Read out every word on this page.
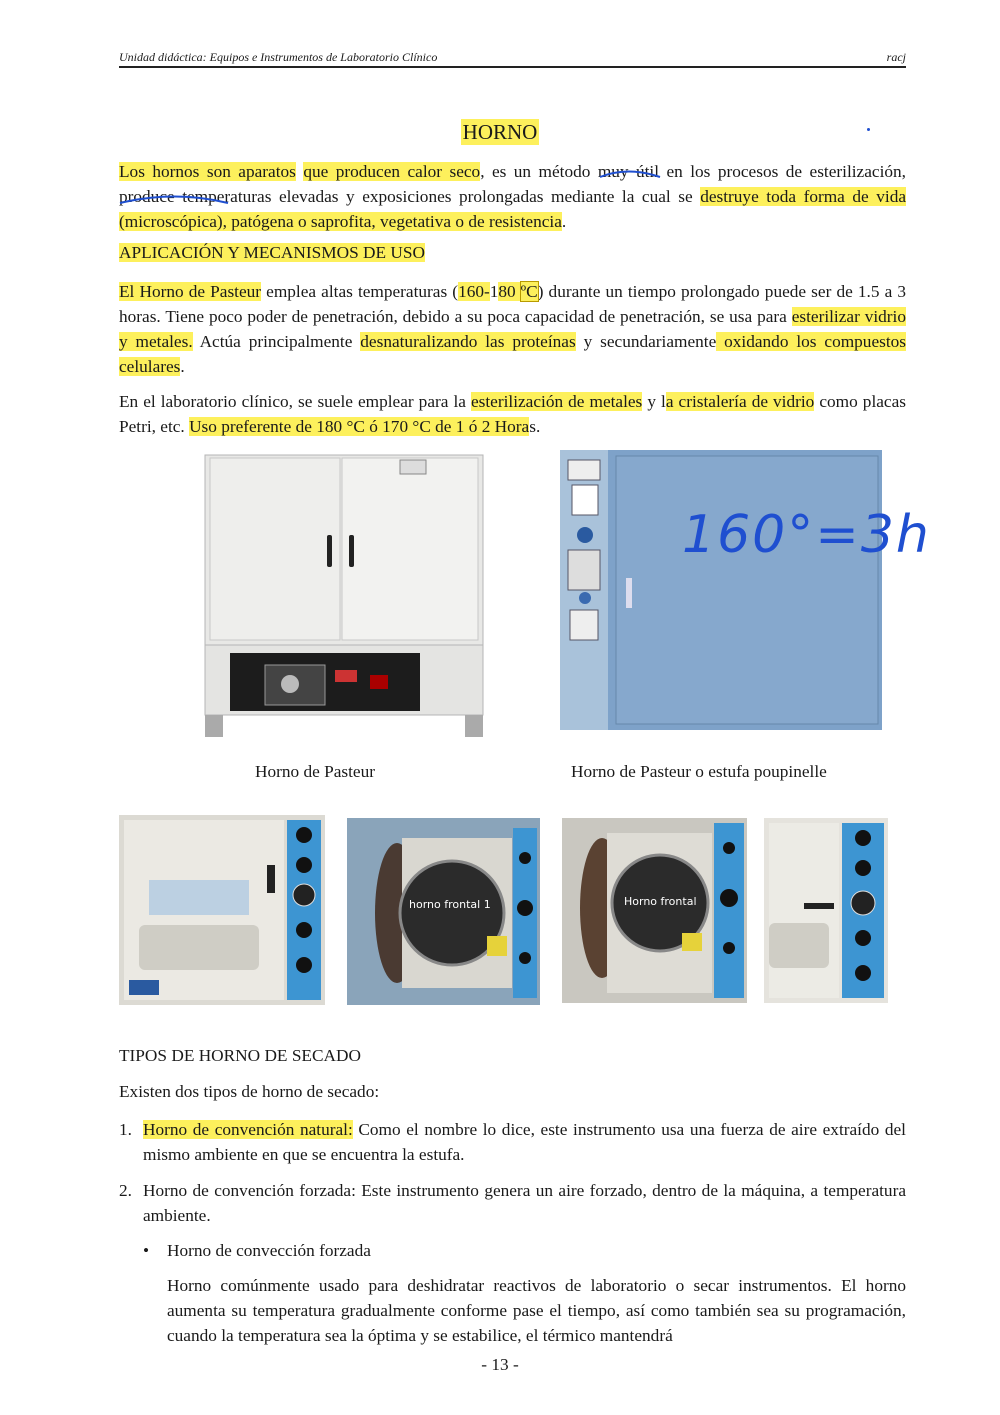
Unidad didáctica: Equipos e Instrumentos de Laboratorio Clínico	racj
HORNO
Los hornos son aparatos que producen calor seco, es un método muy útil en los procesos de esterilización, produce temperaturas elevadas y exposiciones prolongadas mediante la cual se destruye toda forma de vida (microscópica), patógena o saprofita, vegetativa o de resistencia.
APLICACIÓN Y MECANISMOS DE USO
El Horno de Pasteur emplea altas temperaturas (160-180 ºC) durante un tiempo prolongado puede ser de 1.5 a 3 horas. Tiene poco poder de penetración, debido a su poca capacidad de penetración, se usa para esterilizar vidrio y metales. Actúa principalmente desnaturalizando las proteínas y secundariamente oxidando los compuestos celulares.
En el laboratorio clínico, se suele emplear para la esterilización de metales y la cristalería de vidrio como placas Petri, etc. Uso preferente de 180 °C ó 170 °C de 1 ó 2 Horas.
160°=3h
Horno de Pasteur	Horno de Pasteur o estufa poupinelle
horno frontal 1	Horno frontal
TIPOS DE HORNO DE SECADO
Existen dos tipos de horno de secado:
1. Horno de convención natural: Como el nombre lo dice, este instrumento usa una fuerza de aire extraído del mismo ambiente en que se encuentra la estufa.
2. Horno de convención forzada: Este instrumento genera un aire forzado, dentro de la máquina, a temperatura ambiente.
• Horno de convección forzada
Horno comúnmente usado para deshidratar reactivos de laboratorio o secar instrumentos. El horno aumenta su temperatura gradualmente conforme pase el tiempo, así como también sea su programación, cuando la temperatura sea la óptima y se estabilice, el térmico mantendrá
- 13 -
